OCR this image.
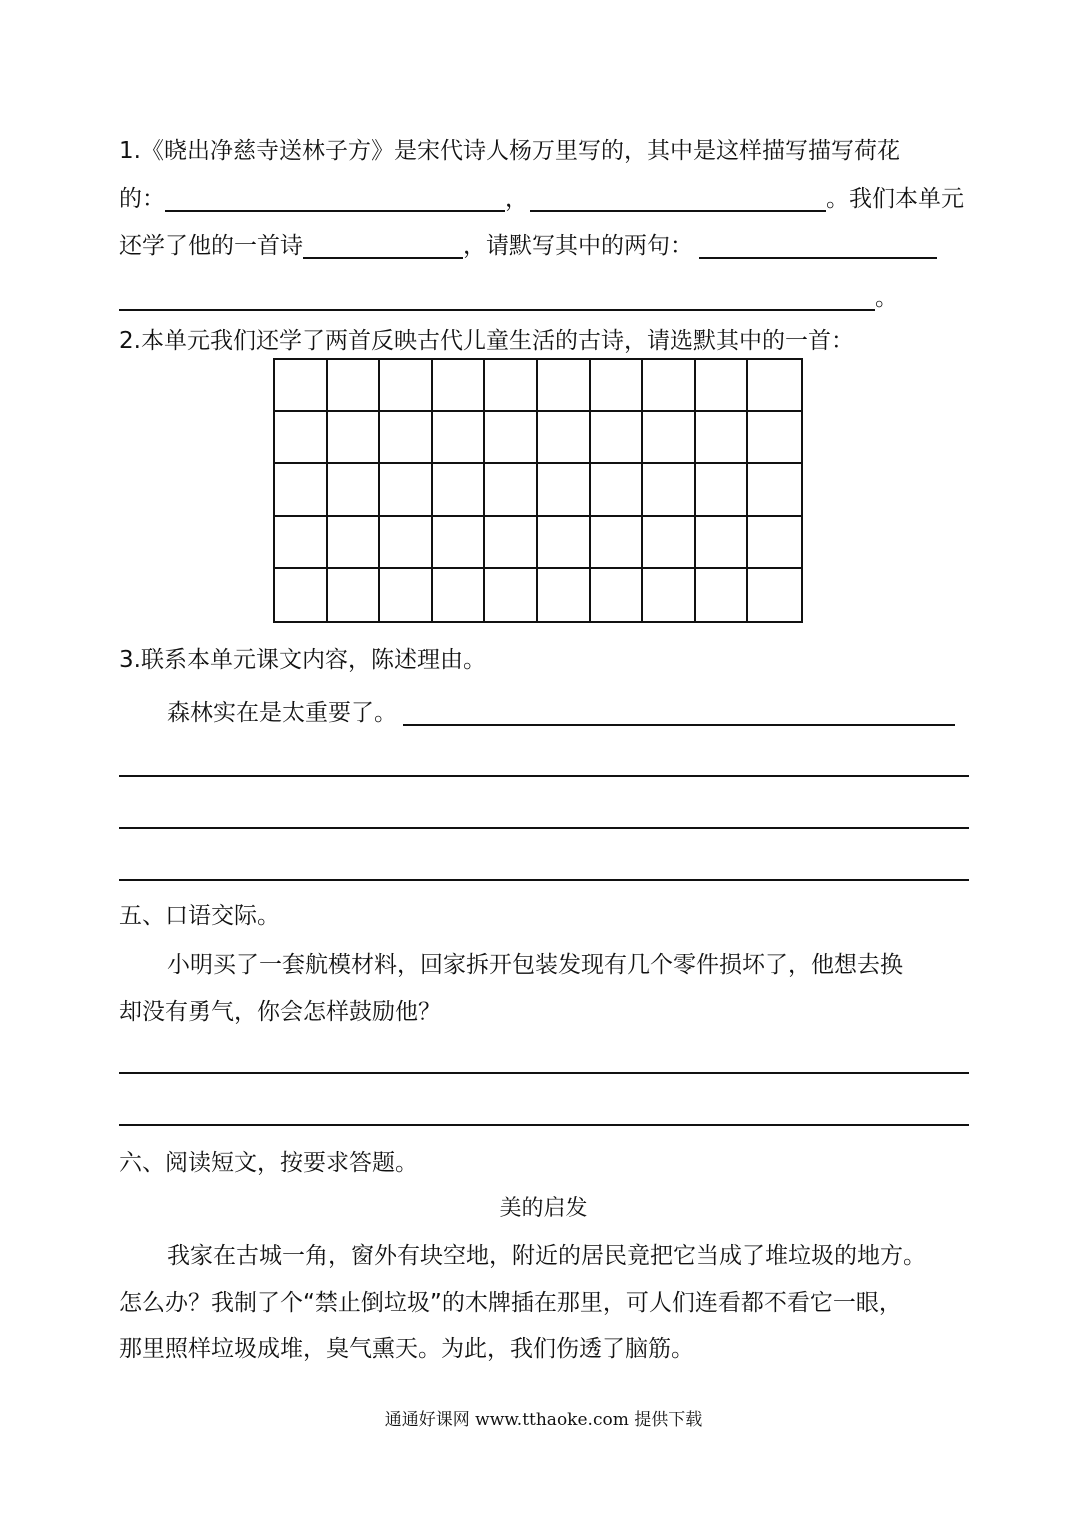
1.《晓出净慈寺送林子方》是宋代诗人杨万里写的，其中是这样描写描写荷花
的：	，	。我们本单元
还学了他的一首诗	，请默写其中的两句：
。
2.本单元我们还学了两首反映古代儿童生活的古诗，请选默其中的一首：
3.联系本单元课文内容，陈述理由。
森林实在是太重要了。
五、口语交际。
小明买了一套航模材料，回家拆开包装发现有几个零件损坏了，他想去换
却没有勇气，你会怎样鼓励他？
六、阅读短文，按要求答题。
美的启发
我家在古城一角，窗外有块空地，附近的居民竟把它当成了堆垃圾的地方。
怎么办？我制了个“禁止倒垃圾”的木牌插在那里，可人们连看都不看它一眼，
那里照样垃圾成堆，臭气熏天。为此，我们伤透了脑筋。
通通好课网 www.tthaoke.com 提供下载
